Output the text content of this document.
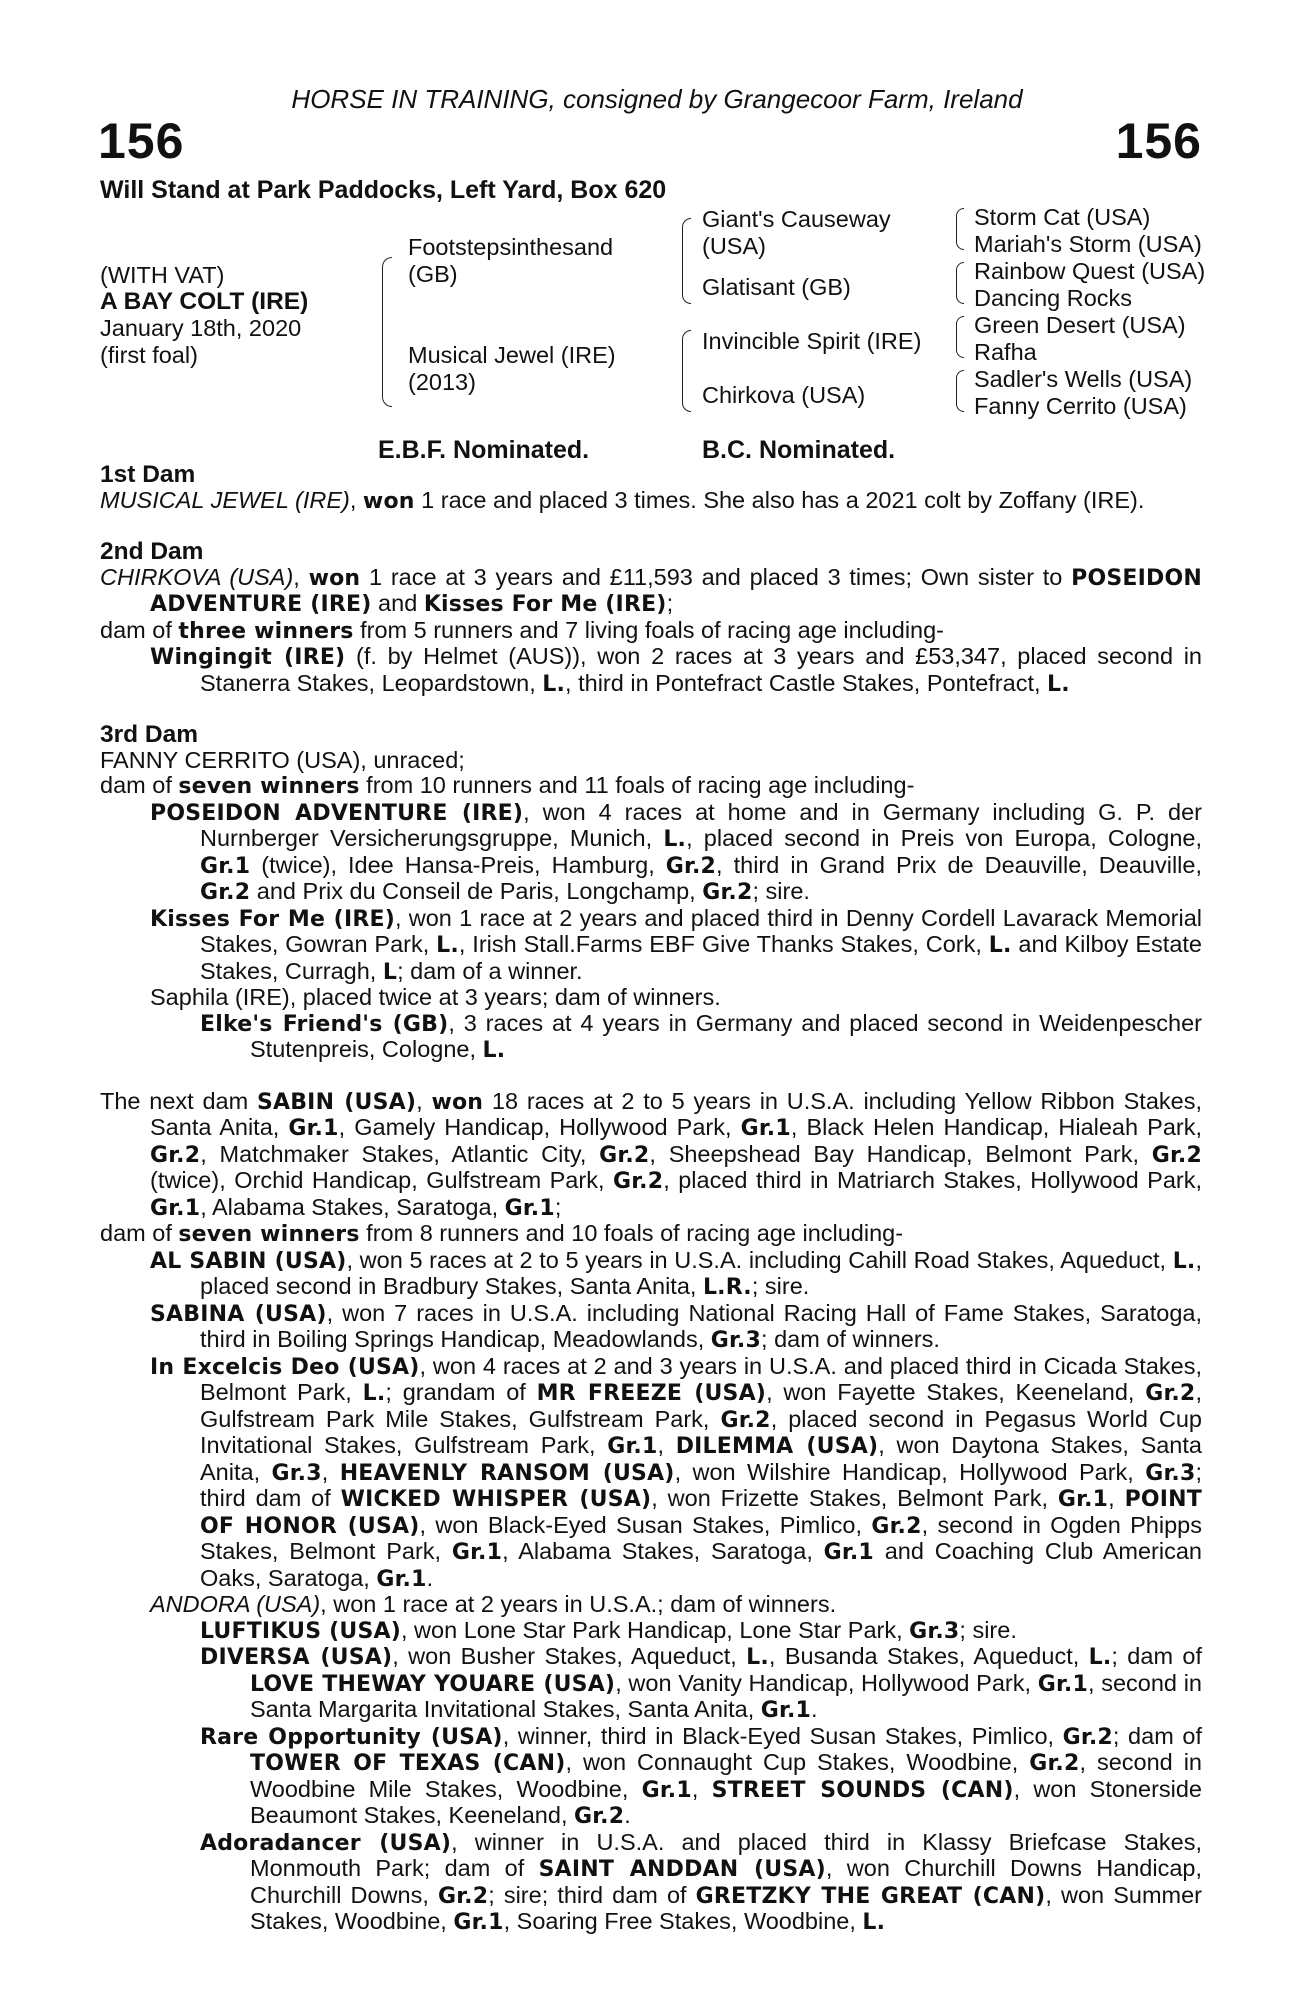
HORSE IN TRAINING, consigned by Grangecoor Farm, Ireland
156	156
Will Stand at Park Paddocks, Left Yard, Box 620
(WITH VAT)
A BAY COLT (IRE)
January 18th, 2020
(first foal)
Footstepsinthesand
(GB)
Musical Jewel (IRE)
(2013)
Giant's Causeway
(USA)
Glatisant (GB)
Invincible Spirit (IRE)
Chirkova (USA)
Storm Cat (USA)
Mariah's Storm (USA)
Rainbow Quest (USA)
Dancing Rocks
Green Desert (USA)
Rafha
Sadler's Wells (USA)
Fanny Cerrito (USA)
E.B.F. Nominated.	B.C. Nominated.
1st Dam

MUSICAL JEWEL (IRE), won 1 race and placed 3 times. She also has a 2021 colt by Zoffany (IRE).

2nd Dam

CHIRKOVA (USA), won 1 race at 3 years and £11,593 and placed 3 times; Own sister to POSEIDON ADVENTURE (IRE) and Kisses For Me (IRE);

dam of three winners from 5 runners and 7 living foals of racing age including-

Wingingit (IRE) (f. by Helmet (AUS)), won 2 races at 3 years and £53,347, placed second in Stanerra Stakes, Leopardstown, L., third in Pontefract Castle Stakes, Pontefract, L.

3rd Dam

FANNY CERRITO (USA), unraced;

dam of seven winners from 10 runners and 11 foals of racing age including-

POSEIDON ADVENTURE (IRE), won 4 races at home and in Germany including G. P. der Nurnberger Versicherungsgruppe, Munich, L., placed second in Preis von Europa, Cologne, Gr.1 (twice), Idee Hansa-Preis, Hamburg, Gr.2, third in Grand Prix de Deauville, Deauville, Gr.2 and Prix du Conseil de Paris, Longchamp, Gr.2; sire.

Kisses For Me (IRE), won 1 race at 2 years and placed third in Denny Cordell Lavarack Memorial Stakes, Gowran Park, L., Irish Stall.Farms EBF Give Thanks Stakes, Cork, L. and Kilboy Estate Stakes, Curragh, L; dam of a winner.

Saphila (IRE), placed twice at 3 years; dam of winners.

Elke's Friend's (GB), 3 races at 4 years in Germany and placed second in Weidenpescher Stutenpreis, Cologne, L.

The next dam SABIN (USA), won 18 races at 2 to 5 years in U.S.A. including Yellow Ribbon Stakes, Santa Anita, Gr.1, Gamely Handicap, Hollywood Park, Gr.1, Black Helen Handicap, Hialeah Park, Gr.2, Matchmaker Stakes, Atlantic City, Gr.2, Sheepshead Bay Handicap, Belmont Park, Gr.2 (twice), Orchid Handicap, Gulfstream Park, Gr.2, placed third in Matriarch Stakes, Hollywood Park, Gr.1, Alabama Stakes, Saratoga, Gr.1;

dam of seven winners from 8 runners and 10 foals of racing age including-

AL SABIN (USA), won 5 races at 2 to 5 years in U.S.A. including Cahill Road Stakes, Aqueduct, L., placed second in Bradbury Stakes, Santa Anita, L.R.; sire.

SABINA (USA), won 7 races in U.S.A. including National Racing Hall of Fame Stakes, Saratoga, third in Boiling Springs Handicap, Meadowlands, Gr.3; dam of winners.

In Excelcis Deo (USA), won 4 races at 2 and 3 years in U.S.A. and placed third in Cicada Stakes, Belmont Park, L.; grandam of MR FREEZE (USA), won Fayette Stakes, Keeneland, Gr.2, Gulfstream Park Mile Stakes, Gulfstream Park, Gr.2, placed second in Pegasus World Cup Invitational Stakes, Gulfstream Park, Gr.1, DILEMMA (USA), won Daytona Stakes, Santa Anita, Gr.3, HEAVENLY RANSOM (USA), won Wilshire Handicap, Hollywood Park, Gr.3; third dam of WICKED WHISPER (USA), won Frizette Stakes, Belmont Park, Gr.1, POINT OF HONOR (USA), won Black-Eyed Susan Stakes, Pimlico, Gr.2, second in Ogden Phipps Stakes, Belmont Park, Gr.1, Alabama Stakes, Saratoga, Gr.1 and Coaching Club American Oaks, Saratoga, Gr.1.

ANDORA (USA), won 1 race at 2 years in U.S.A.; dam of winners.

LUFTIKUS (USA), won Lone Star Park Handicap, Lone Star Park, Gr.3; sire.

DIVERSA (USA), won Busher Stakes, Aqueduct, L., Busanda Stakes, Aqueduct, L.; dam of LOVE THEWAY YOUARE (USA), won Vanity Handicap, Hollywood Park, Gr.1, second in Santa Margarita Invitational Stakes, Santa Anita, Gr.1.

Rare Opportunity (USA), winner, third in Black-Eyed Susan Stakes, Pimlico, Gr.2; dam of TOWER OF TEXAS (CAN), won Connaught Cup Stakes, Woodbine, Gr.2, second in Woodbine Mile Stakes, Woodbine, Gr.1, STREET SOUNDS (CAN), won Stonerside Beaumont Stakes, Keeneland, Gr.2.

Adoradancer (USA), winner in U.S.A. and placed third in Klassy Briefcase Stakes, Monmouth Park; dam of SAINT ANDDAN (USA), won Churchill Downs Handicap, Churchill Downs, Gr.2; sire; third dam of GRETZKY THE GREAT (CAN), won Summer Stakes, Woodbine, Gr.1, Soaring Free Stakes, Woodbine, L.
